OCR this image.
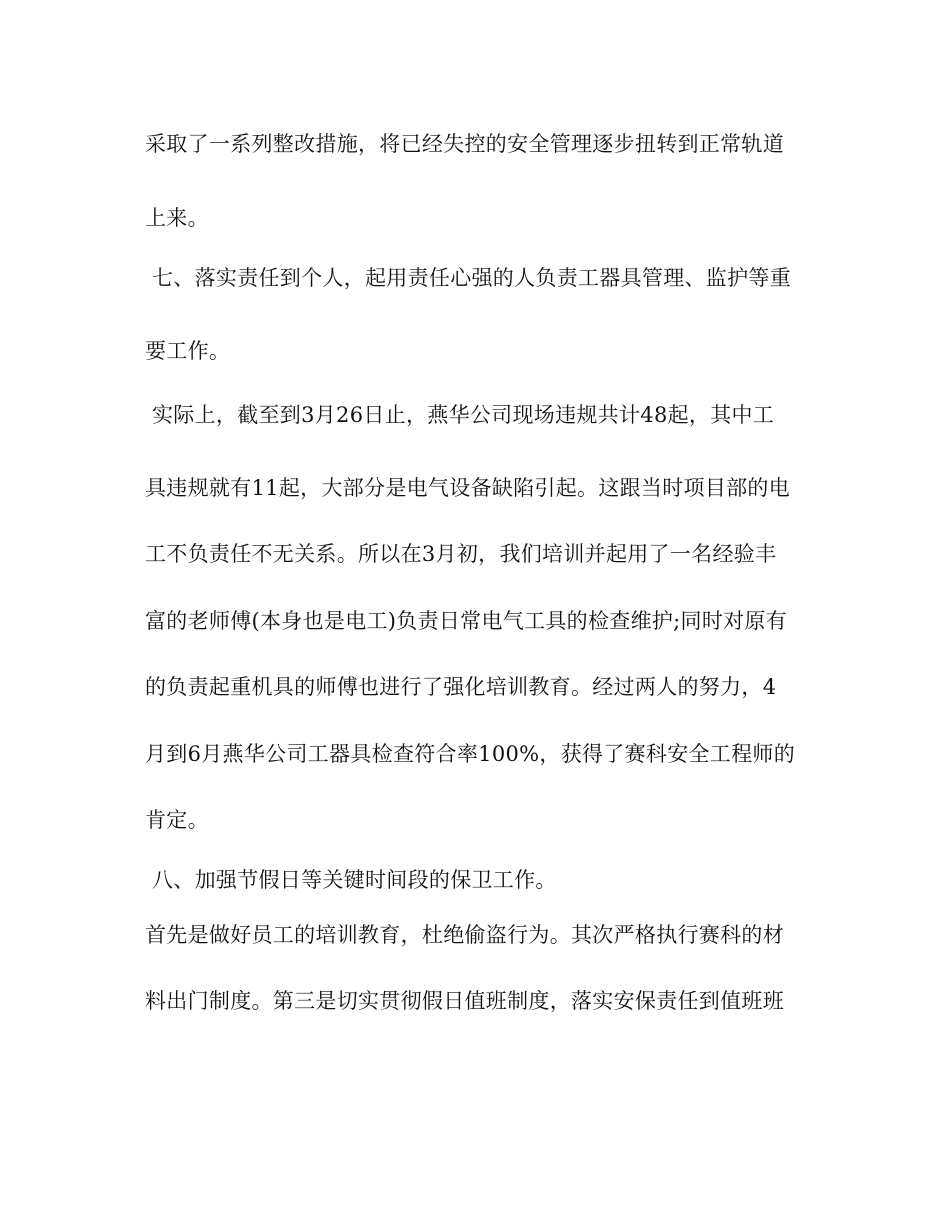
采取了一系列整改措施，将已经失控的安全管理逐步扭转到正常轨道
上来。
七、落实责任到个人，起用责任心强的人负责工器具管理、监护等重
要工作。
实际上，截至到3月26日止，燕华公司现场违规共计48起，其中工
具违规就有11起，大部分是电气设备缺陷引起。这跟当时项目部的电
工不负责任不无关系。所以在3月初，我们培训并起用了一名经验丰
富的老师傅(本身也是电工)负责日常电气工具的检查维护;同时对原有
的负责起重机具的师傅也进行了强化培训教育。经过两人的努力，4
月到6月燕华公司工器具检查符合率100%，获得了赛科安全工程师的
肯定。
八、加强节假日等关键时间段的保卫工作。
首先是做好员工的培训教育，杜绝偷盗行为。其次严格执行赛科的材
料出门制度。第三是切实贯彻假日值班制度，落实安保责任到值班班
